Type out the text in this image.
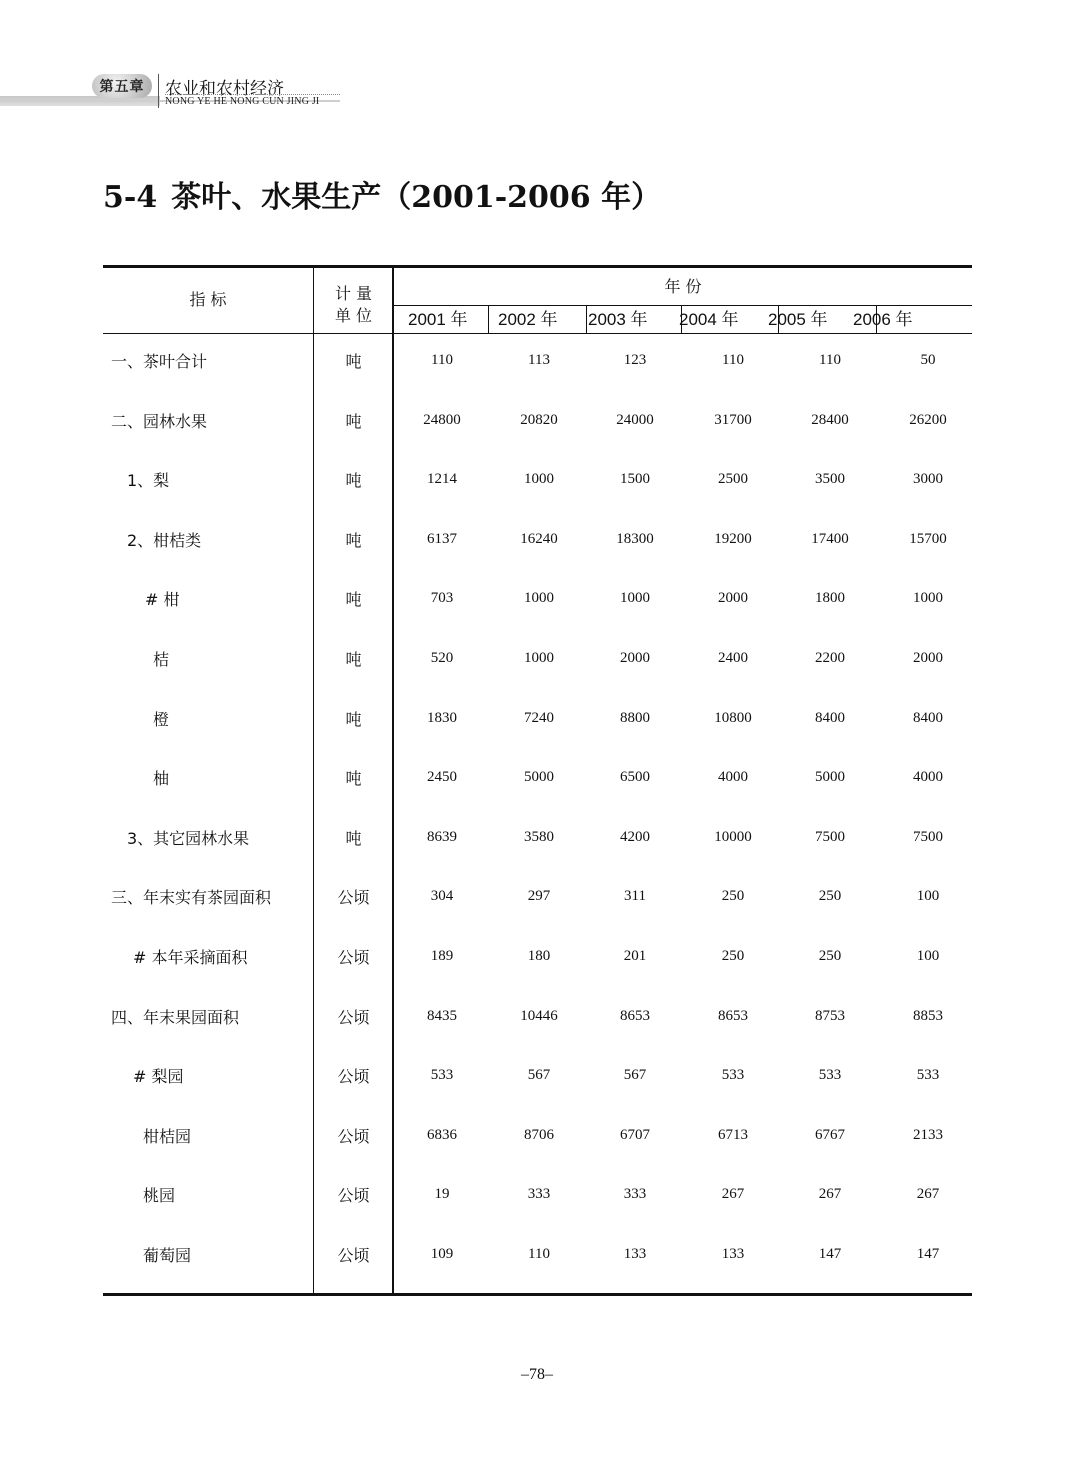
第五章	农业和农村经济
NONG YE HE NONG CUN JING JI
5-4 茶叶、水果生产（2001-2006 年）
指 标	计 量
单 位
年 份
2001 年 2002 年 2003 年 2004 年 2005 年 2006 年
一、茶叶合计	吨	110	113	123	110	110	50
二、园林水果	吨	24800	20820	24000	31700	28400	26200
1、梨	吨	1214	1000	1500	2500	3500	3000
2、柑桔类	吨	6137	16240	18300	19200	17400	15700
# 柑	吨	703	1000	1000	2000	1800	1000
桔	吨	520	1000	2000	2400	2200	2000
橙	吨	1830	7240	8800	10800	8400	8400
柚	吨	2450	5000	6500	4000	5000	4000
3、其它园林水果	吨	8639	3580	4200	10000	7500	7500
三、年末实有茶园面积	公顷	304	297	311	250	250	100
# 本年采摘面积	公顷	189	180	201	250	250	100
四、年末果园面积	公顷	8435	10446	8653	8653	8753	8853
# 梨园	公顷	533	567	567	533	533	533
柑桔园	公顷	6836	8706	6707	6713	6767	2133
桃园	公顷	19	333	333	267	267	267
葡萄园	公顷	109	110	133	133	147	147
–78–
